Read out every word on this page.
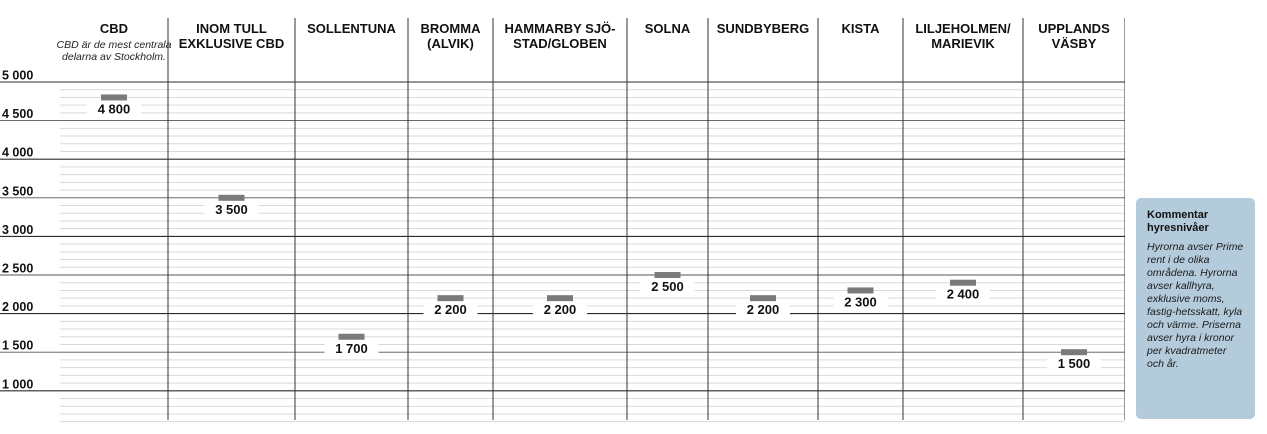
5 000
4 500
4 000
3 500
3 000
2 500
2 000
1 500
1 000
CBD
CBD är de mest centrala
delarna av Stockholm.
INOM TULL
EXKLUSIVE CBD
SOLLENTUNA BROMMA
(ALVIK)
HAMMARBY SJÖ-
STAD/GLOBEN
SOLNA SUNDBYBERG KISTA	LILJEHOLMEN/
MARIEVIK
UPPLANDS
VÄSBY
4 800
3 500
1 700
2 200	2 200
2 500
2 200
2 300
2 400
1 500

Kommentar hyresnivåer

Hyrorna avser Prime rent i de olika områdena. Hyrorna avser kallhyra, exklusive moms, fastig-hetsskatt, kyla och värme. Priserna avser hyra i kronor per kvadratmeter och år.
